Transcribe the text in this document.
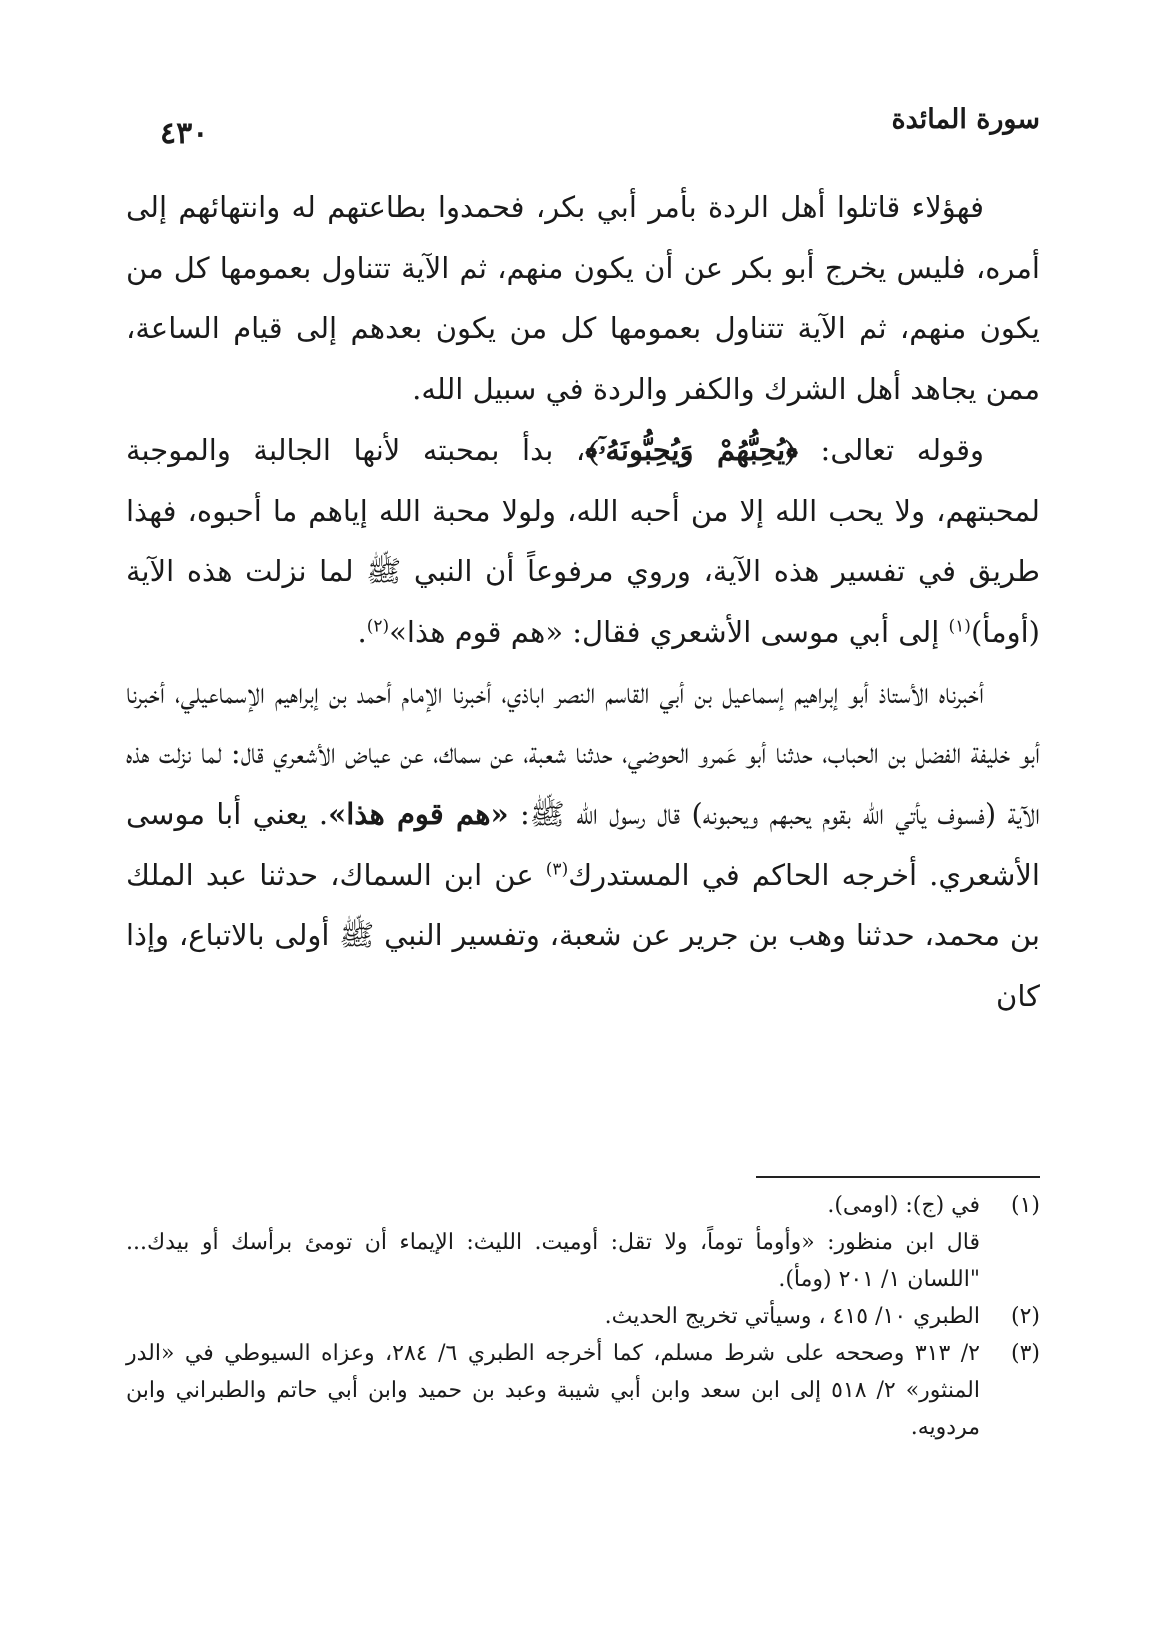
سورة المائدة
٤٣٠

فهؤلاء قاتلوا أهل الردة بأمر أبي بكر، فحمدوا بطاعتهم له وانتهائهم إلى أمره، فليس يخرج أبو بكر عن أن يكون منهم، ثم الآية تتناول بعمومها كل من يكون منهم، ثم الآية تتناول بعمومها كل من يكون بعدهم إلى قيام الساعة، ممن يجاهد أهل الشرك والكفر والردة في سبيل الله.

وقوله تعالى: ﴿يُحِبُّهُمْ وَيُحِبُّونَهُۥٓ﴾، بدأ بمحبته لأنها الجالبة والموجبة لمحبتهم، ولا يحب الله إلا من أحبه الله، ولولا محبة الله إياهم ما أحبوه، فهذا طريق في تفسير هذه الآية، وروي مرفوعاً أن النبي ﷺ لما نزلت هذه الآية (أومأ)$^{(١)}$ إلى أبي موسى الأشعري فقال: «هم قوم هذا»$^{(٢)}$.

أخبرناه الأستاذ أبو إبراهيم إسماعيل بن أبي القاسم النصر اباذي، أخبرنا الإمام أحمد بن إبراهيم الإسماعيلي، أخبرنا أبو خليفة الفضل بن الحباب، حدثنا أبو عَمرو الحوضي، حدثنا شعبة، عن سماك، عن عياض الأشعري قال: لما نزلت هذه الآية (فسوف يأتي الله بقوم يحبهم ويحبونه) قال رسول الله ﷺ: «هم قوم هذا». يعني أبا موسى الأشعري. أخرجه الحاكم في المستدرك$^{(٣)}$ عن ابن السماك، حدثنا عبد الملك بن محمد، حدثنا وهب بن جرير عن شعبة، وتفسير النبي ﷺ أولى بالاتباع، وإذا كان

(١)
في (ج): (اومى).
قال ابن منظور: «وأومأ توماً، ولا تقل: أوميت. الليث: الإيماء أن تومئ برأسك أو بيدك... "اللسان ١/ ٢٠١ (ومأ).
(٢)
الطبري ١٠/ ٤١٥ ، وسيأتي تخريج الحديث.
(٣)
٢/ ٣١٣ وصححه على شرط مسلم، كما أخرجه الطبري ٦/ ٢٨٤، وعزاه السيوطي في «الدر المنثور» ٢/ ٥١٨ إلى ابن سعد وابن أبي شيبة وعبد بن حميد وابن أبي حاتم والطبراني وابن مردويه.
